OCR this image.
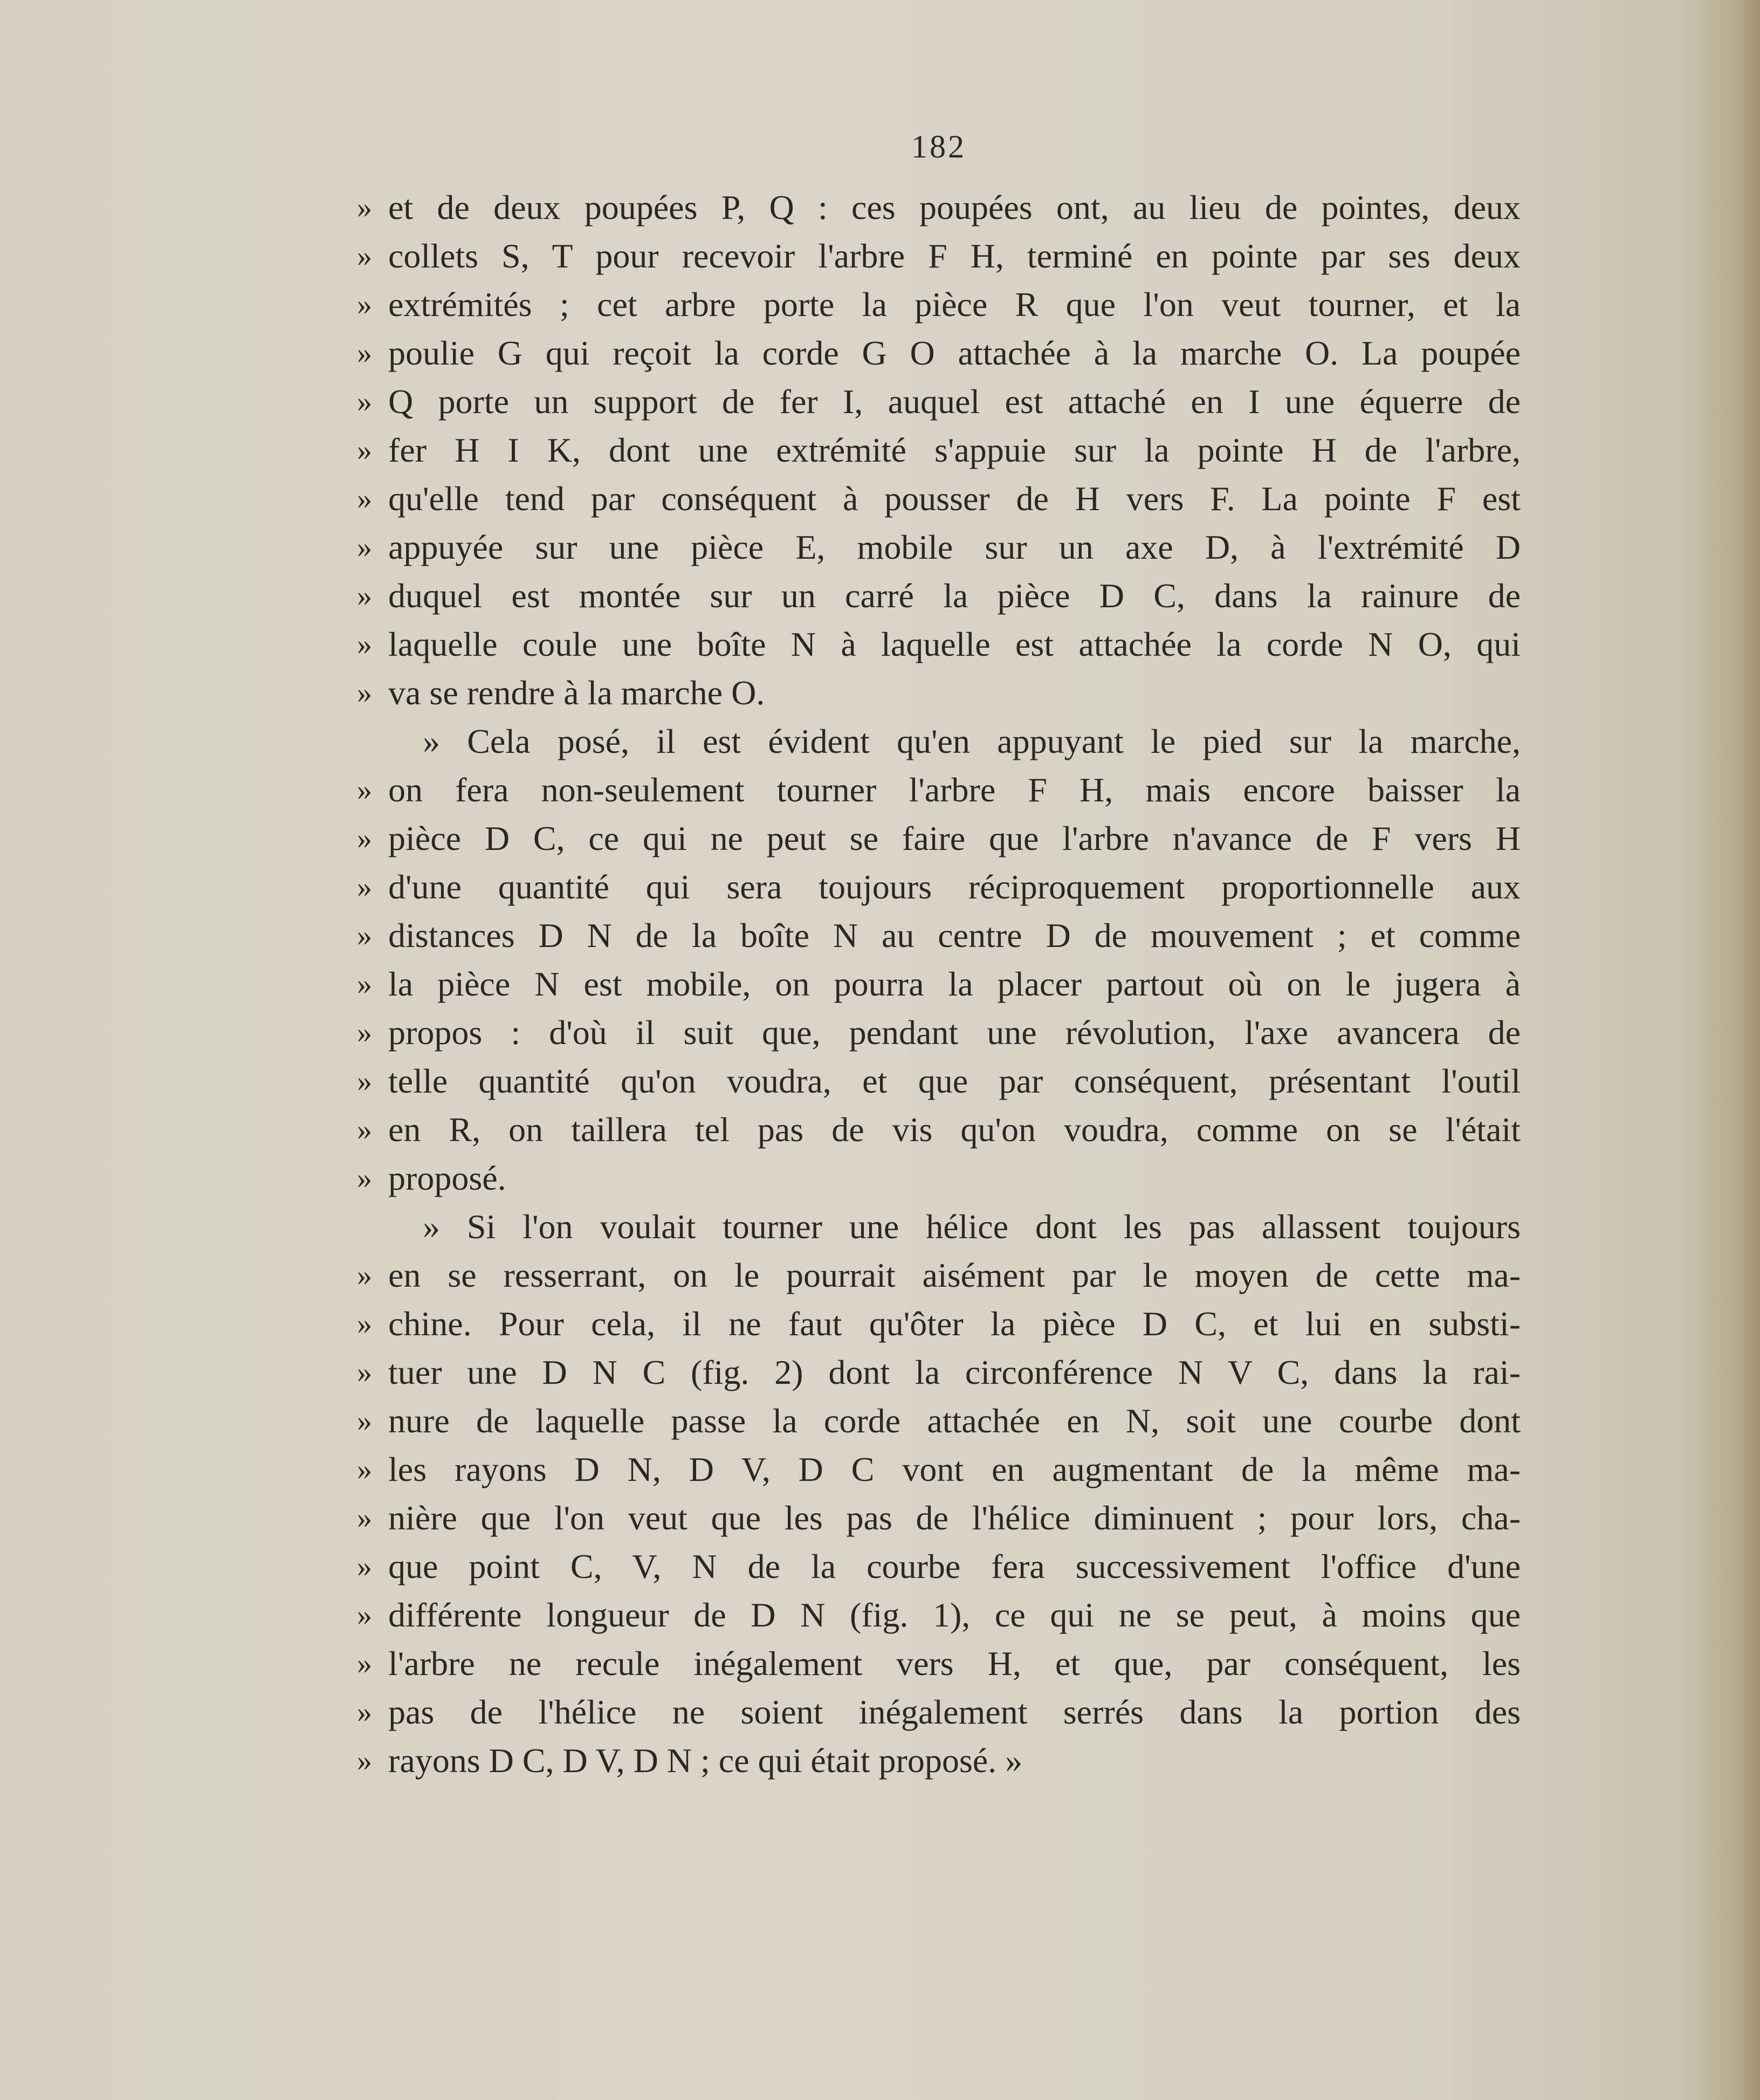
182
» et de deux poupées P, Q : ces poupées ont, au lieu de pointes, deux
» collets S, T pour recevoir l'arbre F H, terminé en pointe par ses deux
» extrémités ; cet arbre porte la pièce R que l'on veut tourner, et la
» poulie G qui reçoit la corde G O attachée à la marche O. La poupée
» Q porte un support de fer I, auquel est attaché en I une équerre de
» fer H I K, dont une extrémité s'appuie sur la pointe H de l'arbre,
» qu'elle tend par conséquent à pousser de H vers F. La pointe F est
» appuyée sur une pièce E, mobile sur un axe D, à l'extrémité D
» duquel est montée sur un carré la pièce D C, dans la rainure de
» laquelle coule une boîte N à laquelle est attachée la corde N O, qui
» va se rendre à la marche O.
» Cela posé, il est évident qu'en appuyant le pied sur la marche,
» on fera non-seulement tourner l'arbre F H, mais encore baisser la
» pièce D C, ce qui ne peut se faire que l'arbre n'avance de F vers H
» d'une quantité qui sera toujours réciproquement proportionnelle aux
» distances D N de la boîte N au centre D de mouvement ; et comme
» la pièce N est mobile, on pourra la placer partout où on le jugera à
» propos : d'où il suit que, pendant une révolution, l'axe avancera de
» telle quantité qu'on voudra, et que par conséquent, présentant l'outil
» en R, on taillera tel pas de vis qu'on voudra, comme on se l'était
» proposé.
» Si l'on voulait tourner une hélice dont les pas allassent toujours
» en se resserrant, on le pourrait aisément par le moyen de cette ma-
» chine. Pour cela, il ne faut qu'ôter la pièce D C, et lui en substi-
» tuer une D N C (fig. 2) dont la circonférence N V C, dans la rai-
» nure de laquelle passe la corde attachée en N, soit une courbe dont
» les rayons D N, D V, D C vont en augmentant de la même ma-
» nière que l'on veut que les pas de l'hélice diminuent ; pour lors, cha-
» que point C, V, N de la courbe fera successivement l'office d'une
» différente longueur de D N (fig. 1), ce qui ne se peut, à moins que
» l'arbre ne recule inégalement vers H, et que, par conséquent, les
» pas de l'hélice ne soient inégalement serrés dans la portion des
» rayons D C, D V, D N ; ce qui était proposé. »
